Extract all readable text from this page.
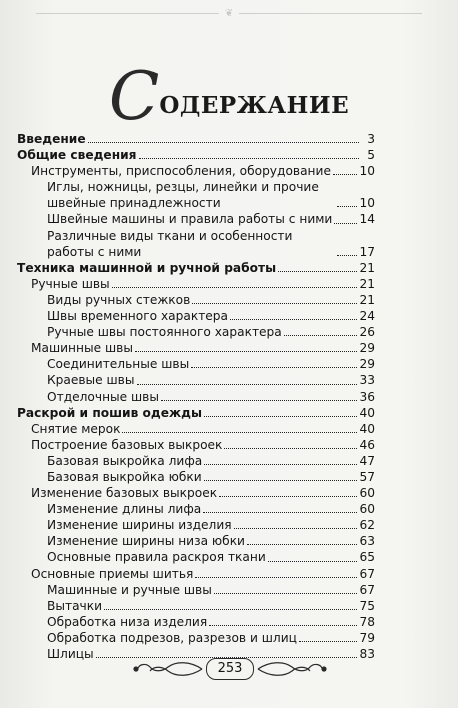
❦
СОДЕРЖАНИЕ
Введение	3
Общие сведения	5
Инструменты, приспособления, оборудование 10
Иглы, ножницы, резцы, линейки и прочие швейные принадлежности	10
Швейные машины и правила работы с ними 14
Различные виды ткани и особенности работы с ними	17
Техника машинной и ручной работы	21
Ручные швы	21
Виды ручных стежков	21
Швы временного характера	24
Ручные швы постоянного характера	26
Машинные швы	29
Соединительные швы	29
Краевые швы	33
Отделочные швы	36
Раскрой и пошив одежды	40
Снятие мерок	40
Построение базовых выкроек	46
Базовая выкройка лифа	47
Базовая выкройка юбки	57
Изменение базовых выкроек	60
Изменение длины лифа	60
Изменение ширины изделия	62
Изменение ширины низа юбки	63
Основные правила раскроя ткани	65
Основные приемы шитья	67
Машинные и ручные швы	67
Вытачки	75
Обработка низа изделия	78
Обработка подрезов, разрезов и шлиц	79
Шлицы	83
253
